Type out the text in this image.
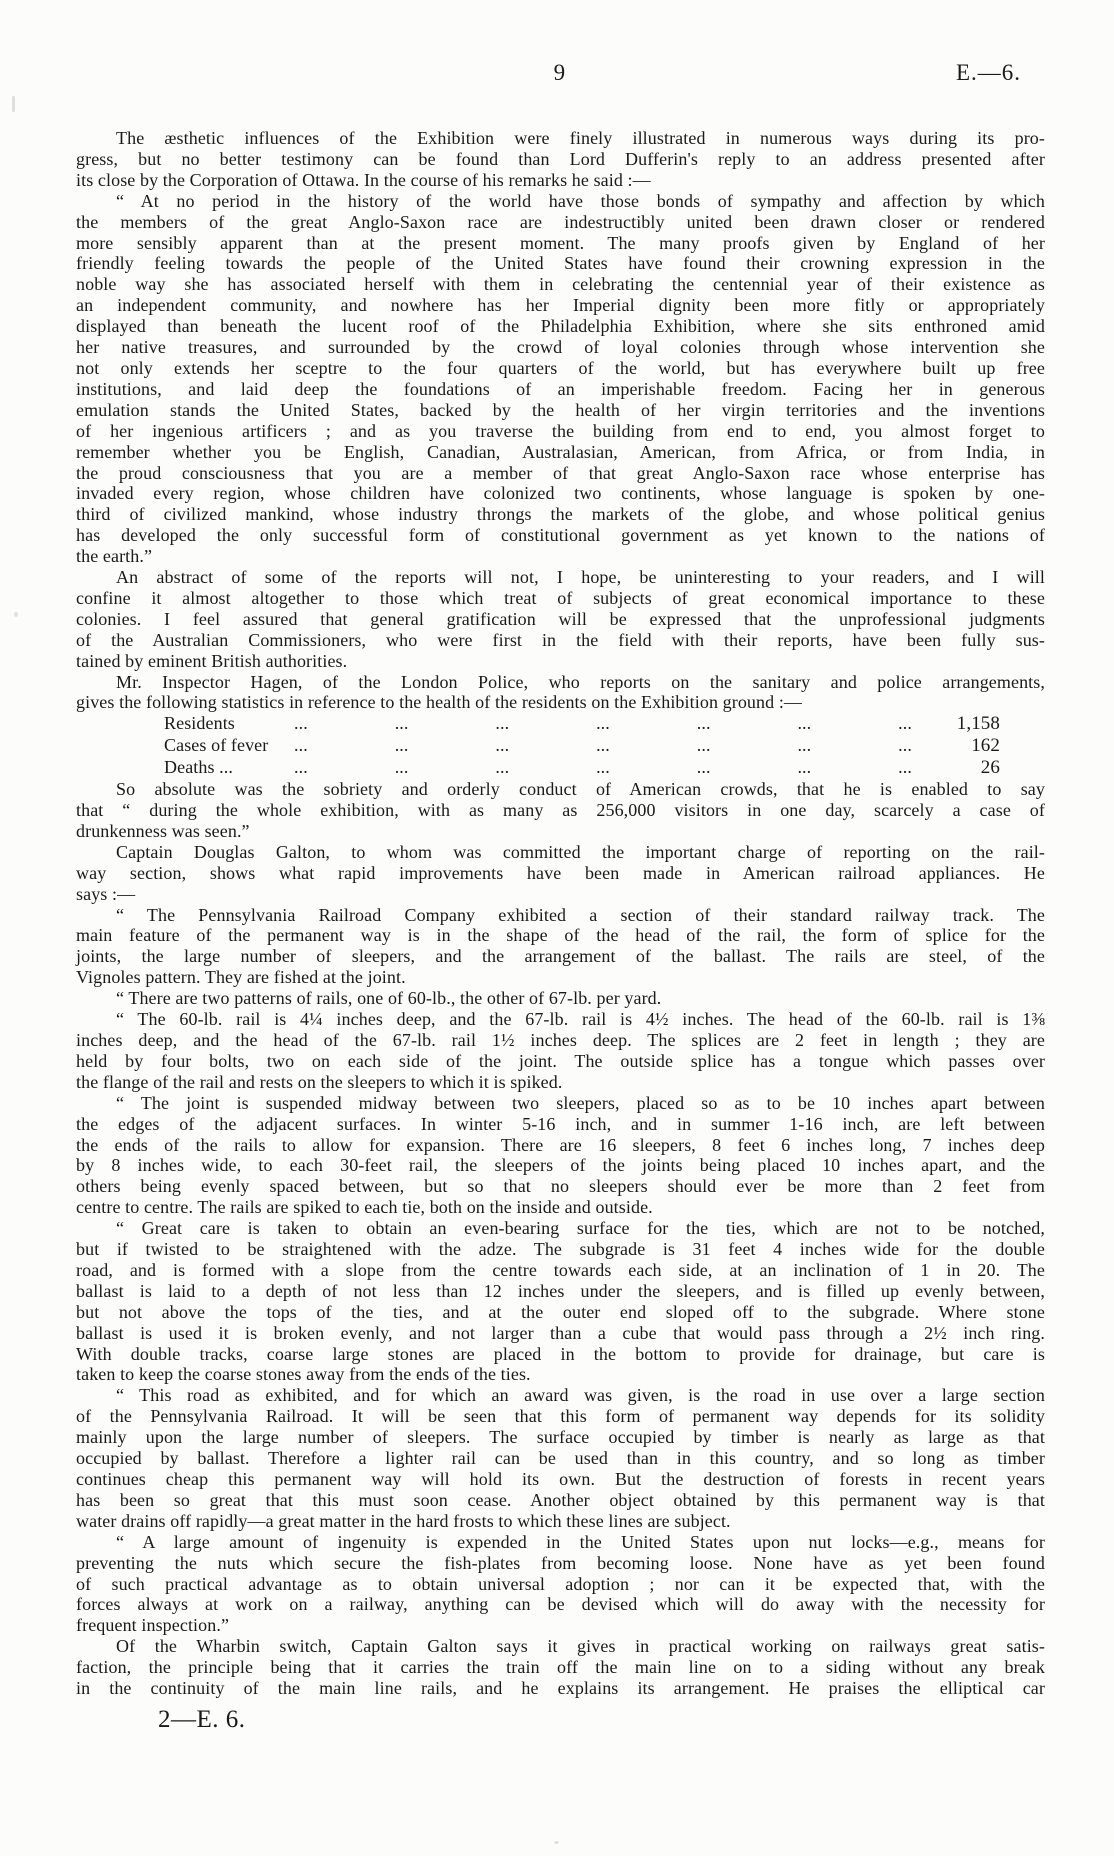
9	E.—6.
The æsthetic influences of the Exhibition were finely illustrated in numerous ways during its pro-
gress, but no better testimony can be found than Lord Dufferin's reply to an address presented after
its close by the Corporation of Ottawa. In the course of his remarks he said :—
“ At no period in the history of the world have those bonds of sympathy and affection by which
the members of the great Anglo-Saxon race are indestructibly united been drawn closer or rendered
more sensibly apparent than at the present moment. The many proofs given by England of her
friendly feeling towards the people of the United States have found their crowning expression in the
noble way she has associated herself with them in celebrating the centennial year of their existence as
an independent community, and nowhere has her Imperial dignity been more fitly or appropriately
displayed than beneath the lucent roof of the Philadelphia Exhibition, where she sits enthroned amid
her native treasures, and surrounded by the crowd of loyal colonies through whose intervention she
not only extends her sceptre to the four quarters of the world, but has everywhere built up free
institutions, and laid deep the foundations of an imperishable freedom. Facing her in generous
emulation stands the United States, backed by the health of her virgin territories and the inventions
of her ingenious artificers ; and as you traverse the building from end to end, you almost forget to
remember whether you be English, Canadian, Australasian, American, from Africa, or from India, in
the proud consciousness that you are a member of that great Anglo-Saxon race whose enterprise has
invaded every region, whose children have colonized two continents, whose language is spoken by one-
third of civilized mankind, whose industry throngs the markets of the globe, and whose political genius
has developed the only successful form of constitutional government as yet known to the nations of
the earth.”
An abstract of some of the reports will not, I hope, be uninteresting to your readers, and I will
confine it almost altogether to those which treat of subjects of great economical importance to these
colonies. I feel assured that general gratification will be expressed that the unprofessional judgments
of the Australian Commissioners, who were first in the field with their reports, have been fully sus-
tained by eminent British authorities.
Mr. Inspector Hagen, of the London Police, who reports on the sanitary and police arrangements,
gives the following statistics in reference to the health of the residents on the Exhibition ground :—
Residents	...	...	...	...	...	...	...	1,158
Cases of fever	...	...	...	...	...	...	...	162
Deaths ...	...	...	...	...	...	...	...	26
So absolute was the sobriety and orderly conduct of American crowds, that he is enabled to say
that “ during the whole exhibition, with as many as 256,000 visitors in one day, scarcely a case of
drunkenness was seen.”
Captain Douglas Galton, to whom was committed the important charge of reporting on the rail-
way section, shows what rapid improvements have been made in American railroad appliances. He
says :—
“ The Pennsylvania Railroad Company exhibited a section of their standard railway track. The
main feature of the permanent way is in the shape of the head of the rail, the form of splice for the
joints, the large number of sleepers, and the arrangement of the ballast. The rails are steel, of the
Vignoles pattern. They are fished at the joint.
“ There are two patterns of rails, one of 60-lb., the other of 67-lb. per yard.
“ The 60-lb. rail is 4¼ inches deep, and the 67-lb. rail is 4½ inches. The head of the 60-lb. rail is 1⅜
inches deep, and the head of the 67-lb. rail 1½ inches deep. The splices are 2 feet in length ; they are
held by four bolts, two on each side of the joint. The outside splice has a tongue which passes over
the flange of the rail and rests on the sleepers to which it is spiked.
“ The joint is suspended midway between two sleepers, placed so as to be 10 inches apart between
the edges of the adjacent surfaces. In winter 5-16 inch, and in summer 1-16 inch, are left between
the ends of the rails to allow for expansion. There are 16 sleepers, 8 feet 6 inches long, 7 inches deep
by 8 inches wide, to each 30-feet rail, the sleepers of the joints being placed 10 inches apart, and the
others being evenly spaced between, but so that no sleepers should ever be more than 2 feet from
centre to centre. The rails are spiked to each tie, both on the inside and outside.
“ Great care is taken to obtain an even-bearing surface for the ties, which are not to be notched,
but if twisted to be straightened with the adze. The subgrade is 31 feet 4 inches wide for the double
road, and is formed with a slope from the centre towards each side, at an inclination of 1 in 20. The
ballast is laid to a depth of not less than 12 inches under the sleepers, and is filled up evenly between,
but not above the tops of the ties, and at the outer end sloped off to the subgrade. Where stone
ballast is used it is broken evenly, and not larger than a cube that would pass through a 2½ inch ring.
With double tracks, coarse large stones are placed in the bottom to provide for drainage, but care is
taken to keep the coarse stones away from the ends of the ties.
“ This road as exhibited, and for which an award was given, is the road in use over a large section
of the Pennsylvania Railroad. It will be seen that this form of permanent way depends for its solidity
mainly upon the large number of sleepers. The surface occupied by timber is nearly as large as that
occupied by ballast. Therefore a lighter rail can be used than in this country, and so long as timber
continues cheap this permanent way will hold its own. But the destruction of forests in recent years
has been so great that this must soon cease. Another object obtained by this permanent way is that
water drains off rapidly—a great matter in the hard frosts to which these lines are subject.
“ A large amount of ingenuity is expended in the United States upon nut locks—e.g., means for
preventing the nuts which secure the fish-plates from becoming loose. None have as yet been found
of such practical advantage as to obtain universal adoption ; nor can it be expected that, with the
forces always at work on a railway, anything can be devised which will do away with the necessity for
frequent inspection.”
Of the Wharbin switch, Captain Galton says it gives in practical working on railways great satis-
faction, the principle being that it carries the train off the main line on to a siding without any break
in the continuity of the main line rails, and he explains its arrangement. He praises the elliptical car
2—E. 6.
